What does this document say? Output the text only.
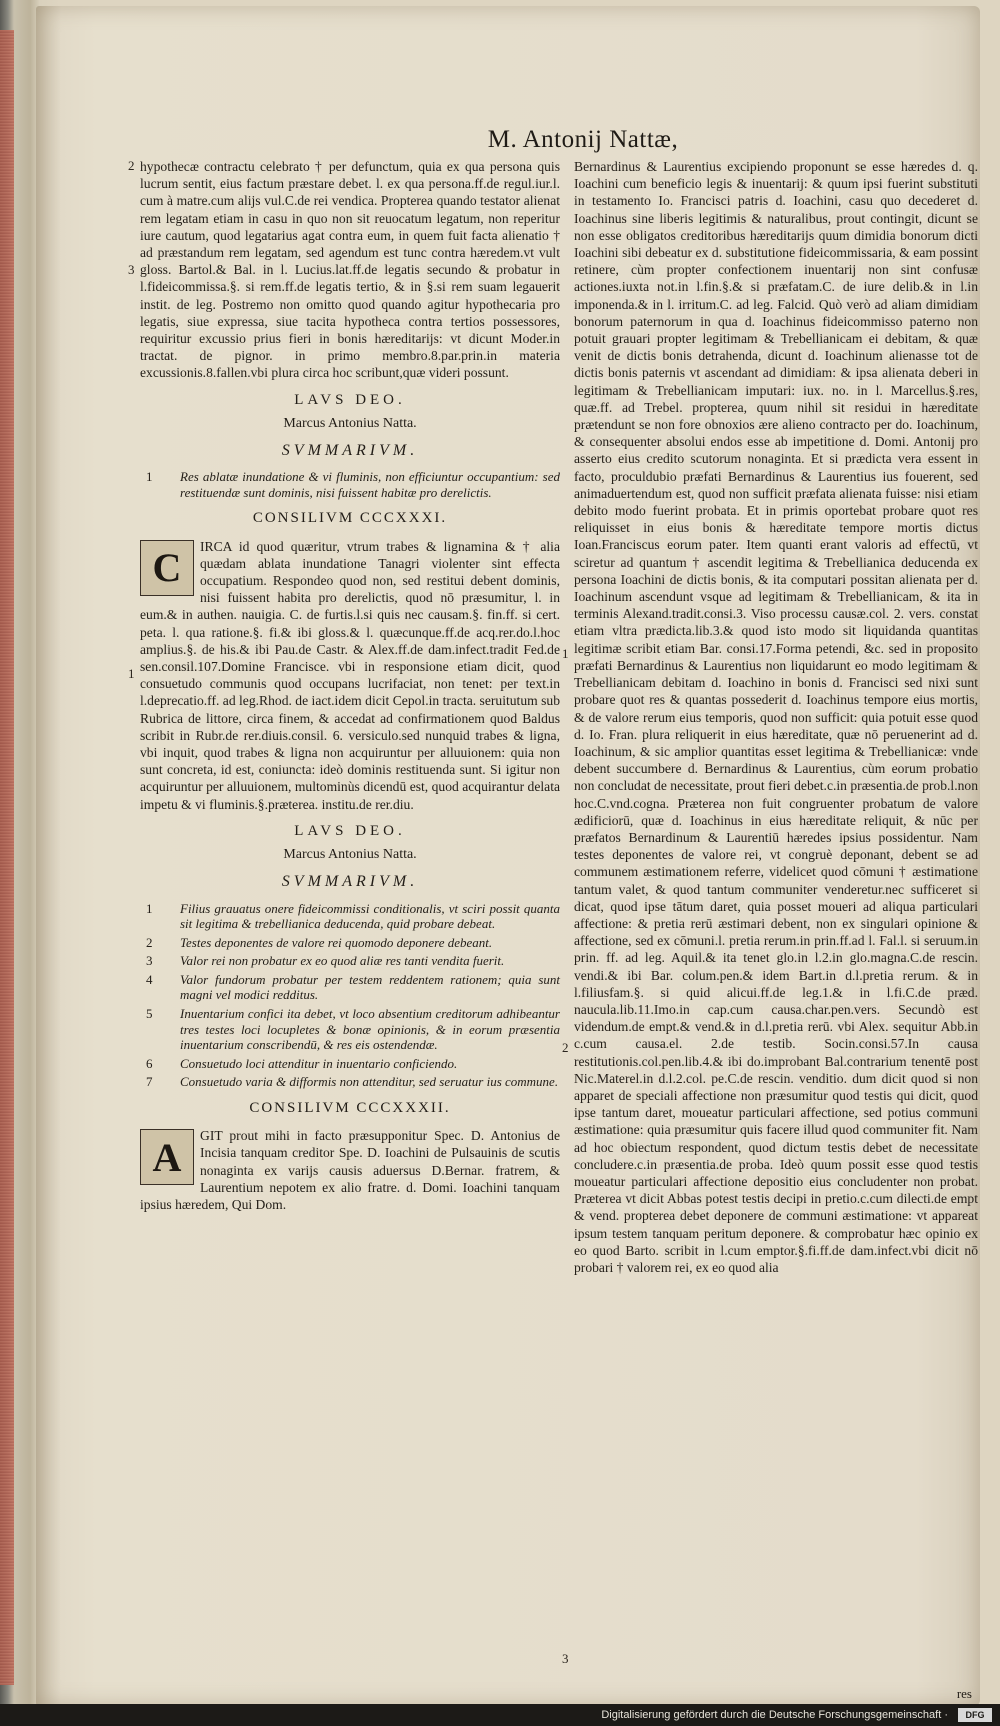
M. Antonij Nattæ,
2
3
1
1
2
3

hypothecæ contractu celebrato † per defunctum, quia ex qua persona quis lucrum sentit, eius factum præstare debet. l. ex qua persona.ff.de regul.iur.l. cum à matre.cum alijs vul.C.de rei vendica. Propterea quando testator alienat rem legatam etiam in casu in quo non sit reuocatum legatum, non reperitur iure cautum, quod legatarius agat contra eum, in quem fuit facta alienatio † ad præstandum rem legatam, sed agendum est tunc contra hæredem.vt vult gloss. Bartol.& Bal. in l. Lucius.lat.ff.de legatis secundo & probatur in l.fideicommissa.§. si rem.ff.de legatis tertio, & in §.si rem suam legauerit instit. de leg. Postremo non omitto quod quando agitur hypothecaria pro legatis, siue expressa, siue tacita hypotheca contra tertios possessores, requiritur excussio prius fieri in bonis hæreditarijs: vt dicunt Moder.in tractat. de pignor. in primo membro.8.par.prin.in materia excussionis.8.fallen.vbi plura circa hoc scribunt,quæ videri possunt.

LAVS DEO.
Marcus Antonius Natta.
SVMMARIVM.
1	Res ablatæ inundatione & vi fluminis, non efficiuntur occupantium: sed restituendæ sunt dominis, nisi fuissent habitæ pro derelictis.
CONSILIVM CCCXXXI.

C	IRCA id quod quæritur, vtrum trabes & lignamina & † alia quædam ablata inundatione Tanagri violenter sint effecta occupatium. Respondeo quod non, sed restitui debent dominis, nisi fuissent habita pro derelictis, quod nō præsumitur, l. in eum.& in authen. nauigia. C. de furtis.l.si quis nec causam.§. fin.ff. si cert. peta. l. qua ratione.§. fi.& ibi gloss.& l. quæcunque.ff.de acq.rer.do.l.hoc amplius.§. de his.& ibi Pau.de Castr. & Alex.ff.de dam.infect.tradit Fed.de sen.consil.107.Domine Francisce. vbi in responsione etiam dicit, quod consuetudo communis quod occupans lucrifaciat, non tenet: per text.in l.deprecatio.ff. ad leg.Rhod. de iact.idem dicit Cepol.in tracta. seruitutum sub Rubrica de littore, circa finem, & accedat ad confirmationem quod Baldus scribit in Rubr.de rer.diuis.consil. 6. versiculo.sed nunquid trabes & ligna, vbi inquit, quod trabes & ligna non acquiruntur per alluuionem: quia non sunt concreta, id est, coniuncta: ideò dominis restituenda sunt. Si igitur non acquiruntur per alluuionem, multominùs dicendū est, quod acquirantur delata impetu & vi fluminis.§.præterea. institu.de rer.diu.

LAVS DEO.
Marcus Antonius Natta.
SVMMARIVM.
1	Filius grauatus onere fideicommissi conditionalis, vt sciri possit quanta sit legitima & trebellianica deducenda, quid probare debeat.
2	Testes deponentes de valore rei quomodo deponere debeant.
3	Valor rei non probatur ex eo quod aliæ res tanti vendita fuerit.
4	Valor fundorum probatur per testem reddentem rationem; quia sunt magni vel modici redditus.
5	Inuentarium confici ita debet, vt loco absentium creditorum adhibeantur tres testes loci locupletes & bonæ opinionis, & in eorum præsentia inuentarium conscribendū, & res eis ostendendæ.
6	Consuetudo loci attenditur in inuentario conficiendo.
7	Consuetudo varia & difformis non attenditur, sed seruatur ius commune.
CONSILIVM CCCXXXII.

A	GIT prout mihi in facto præsupponitur Spec. D. Antonius de Incisia tanquam creditor Spe. D. Ioachini de Pulsauinis de scutis nonaginta ex varijs causis aduersus D.Bernar. fratrem, & Laurentium nepotem ex alio fratre. d. Domi. Ioachini tanquam ipsius hæredem, Qui Dom.

Bernardinus & Laurentius excipiendo proponunt se esse hæredes d. q. Ioachini cum beneficio legis & inuentarij: & quum ipsi fuerint substituti in testamento Io. Francisci patris d. Ioachini, casu quo decederet d. Ioachinus sine liberis legitimis & naturalibus, prout contingit, dicunt se non esse obligatos creditoribus hæreditarijs quum dimidia bonorum dicti Ioachini sibi debeatur ex d. substitutione fideicommissaria, & eam possint retinere, cùm propter confectionem inuentarij non sint confusæ actiones.iuxta not.in l.fin.§.& si præfatam.C. de iure delib.& in l.in imponenda.& in l. irritum.C. ad leg. Falcid. Quò verò ad aliam dimidiam bonorum paternorum in qua d. Ioachinus fideicommisso paterno non potuit grauari propter legitimam & Trebellianicam ei debitam, & quæ venit de dictis bonis detrahenda, dicunt d. Ioachinum alienasse tot de dictis bonis paternis vt ascendant ad dimidiam: & ipsa alienata deberi in legitimam & Trebellianicam imputari: iux. no. in l. Marcellus.§.res, quæ.ff. ad Trebel. propterea, quum nihil sit residui in hæreditate prætendunt se non fore obnoxios ære alieno contracto per do. Ioachinum, & consequenter absolui endos esse ab impetitione d. Domi. Antonij pro asserto eius credito scutorum nonaginta. Et si prædicta vera essent in facto, proculdubio præfati Bernardinus & Laurentius ius fouerent, sed animaduertendum est, quod non sufficit præfata alienata fuisse: nisi etiam debito modo fuerint probata. Et in primis oportebat probare quot res reliquisset in eius bonis & hæreditate tempore mortis dictus Ioan.Franciscus eorum pater. Item quanti erant valoris ad effectū, vt sciretur ad quantum † ascendit legitima & Trebellianica deducenda ex persona Ioachini de dictis bonis, & ita computari possitan alienata per d. Ioachinum ascendunt vsque ad legitimam & Trebellianicam, & ita in terminis Alexand.tradit.consi.3. Viso processu causæ.col. 2. vers. constat etiam vltra prædicta.lib.3.& quod isto modo sit liquidanda quantitas legitimæ scribit etiam Bar. consi.17.Forma petendi, &c. sed in proposito præfati Bernardinus & Laurentius non liquidarunt eo modo legitimam & Trebellianicam debitam d. Ioachino in bonis d. Francisci sed nixi sunt probare quot res & quantas possederit d. Ioachinus tempore eius mortis, & de valore rerum eius temporis, quod non sufficit: quia potuit esse quod d. Io. Fran. plura reliquerit in eius hæreditate, quæ nō peruenerint ad d. Ioachinum, & sic amplior quantitas esset legitima & Trebellianicæ: vnde debent succumbere d. Bernardinus & Laurentius, cùm eorum probatio non concludat de necessitate, prout fieri debet.c.in præsentia.de prob.l.non hoc.C.vnd.cogna. Præterea non fuit congruenter probatum de valore ædificiorū, quæ d. Ioachinus in eius hæreditate reliquit, & nūc per præfatos Bernardinum & Laurentiū hæredes ipsius possidentur. Nam testes deponentes de valore rei, vt congruè deponant, debent se ad communem æstimationem referre, videlicet quod cōmuni † æstimatione tantum valet, & quod tantum communiter venderetur.nec sufficeret si dicat, quod ipse tātum daret, quia posset moueri ad aliqua particulari affectione: & pretia rerū æstimari debent, non ex singulari opinione & affectione, sed ex cōmuni.l. pretia rerum.in prin.ff.ad l. Fal.l. si seruum.in prin. ff. ad leg. Aquil.& ita tenet glo.in l.2.in glo.magna.C.de rescin. vendi.& ibi Bar. colum.pen.& idem Bart.in d.l.pretia rerum. & in l.filiusfam.§. si quid alicui.ff.de leg.1.& in l.fi.C.de præd. naucula.lib.11.Imo.in cap.cum causa.char.pen.vers. Secundò est videndum.de empt.& vend.& in d.l.pretia rerū. vbi Alex. sequitur Abb.in c.cum causa.el. 2.de testib. Socin.consi.57.In causa restitutionis.col.pen.lib.4.& ibi do.improbant Bal.contrarium tenentē post Nic.Materel.in d.l.2.col. pe.C.de rescin. venditio. dum dicit quod si non apparet de speciali affectione non præsumitur quod testis qui dicit, quod ipse tantum daret, moueatur particulari affectione, sed potius communi æstimatione: quia præsumitur quis facere illud quod communiter fit. Nam ad hoc obiectum respondent, quod dictum testis debet de necessitate concludere.c.in præsentia.de proba. Ideò quum possit esse quod testis moueatur particulari affectione depositio eius concludenter non probat. Præterea vt dicit Abbas potest testis decipi in pretio.c.cum dilecti.de empt & vend. propterea debet deponere de communi æstimatione: vt appareat ipsum testem tanquam peritum deponere. & comprobatur hæc opinio ex eo quod Barto. scribit in l.cum emptor.§.fi.ff.de dam.infect.vbi dicit nō probari † valorem rei, ex eo quod alia

res
Digitalisierung gefördert durch die Deutsche Forschungsgemeinschaft ·	DFG
